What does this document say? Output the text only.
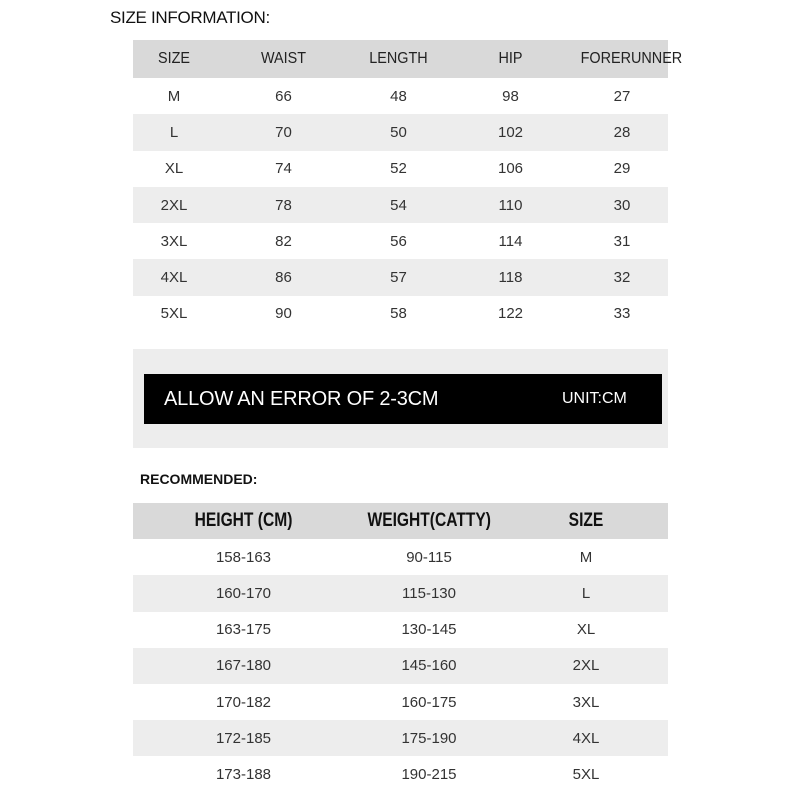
SIZE INFORMATION:
SIZE	WAIST	LENGTH	HIP	FORERUNNER
M	66	48	98	27
L	70	50	102	28
XL	74	52	106	29
2XL	78	54	110	30
3XL	82	56	114	31
4XL	86	57	118	32
5XL	90	58	122	33
ALLOW AN ERROR OF 2-3CM	UNIT:CM
RECOMMENDED:
HEIGHT (CM)	WEIGHT(CATTY)	SIZE
158-163	90-115	M
160-170	115-130	L
163-175	130-145	XL
167-180	145-160	2XL
170-182	160-175	3XL
172-185	175-190	4XL
173-188	190-215	5XL
